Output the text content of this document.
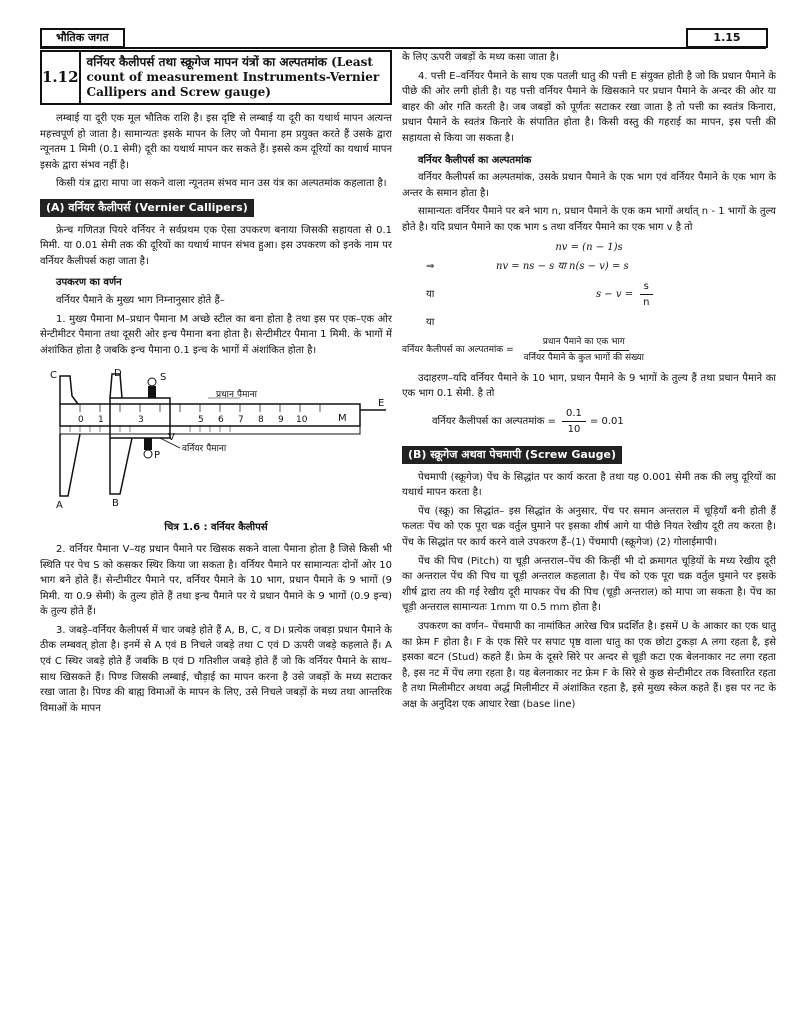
भौतिक जगत	1.15
1.12
वर्नियर कैलीपर्स तथा स्क्रूगेज मापन यंत्रों का अल्पतमांक (Least count of measurement Instruments-Vernier Callipers and Screw gauge)

लम्बाई या दूरी एक मूल भौतिक राशि है। इस दृष्टि से लम्बाई या दूरी का यथार्थ मापन अत्यन्त महत्त्वपूर्ण हो जाता है। सामान्यतः इसके मापन के लिए जो पैमाना हम प्रयुक्त करते हैं उसके द्वारा न्यूनतम 1 मिमी (0.1 सेमी) दूरी का यथार्थ मापन कर सकते हैं। इससे कम दूरियों का यथार्थ मापन इसके द्वारा संभव नहीं है।

किसी यंत्र द्वारा मापा जा सकने वाला न्यूनतम संभव मान उस यंत्र का अल्पतमांक कहलाता है।

(A) वर्नियर कैलीपर्स (Vernier Callipers)

फ्रेन्च गणितज्ञ पियरे वर्नियर ने सर्वप्रथम एक ऐसा उपकरण बनाया जिसकी सहायता से 0.1 मिमी. या 0.01 सेमी तक की दूरियों का यथार्थ मापन संभव हुआ। इस उपकरण को इनके नाम पर वर्नियर कैलीपर्स कहा जाता है।

उपकरण का वर्णन

वर्नियर पैमाने के मुख्य भाग निम्नानुसार होते हैं–

1. मुख्य पैमाना M–प्रधान पैमाना M अच्छे स्टील का बना होता है तथा इस पर एक–एक ओर सेन्टीमीटर पैमाना तथा दूसरी ओर इन्च पैमाना बना होता है। सेन्टीमीटर पैमाना 1 मिमी. के भागों में अंशांकित होता है जबकि इन्च पैमाना 0.1 इन्च के भागों में अंशांकित होता है।

C	D	S
E
M
V
P
A	B
प्रधान पैमाना
वर्नियर पैमाना
0 1	3	5 6 7 8 9 10
चित्र 1.6 : वर्नियर कैलीपर्स

2. वर्नियर पैमाना V–यह प्रधान पैमाने पर खिसक सकने वाला पैमाना होता है जिसे किसी भी स्थिति पर पेच S को कसकर स्थिर किया जा सकता है। वर्नियर पैमाने पर सामान्यतः दोनों ओर 10 भाग बने होते हैं। सेन्टीमीटर पैमाने पर, वर्नियर पैमाने के 10 भाग, प्रधान पैमाने के 9 भागों (9 मिमी. या 0.9 सेमी) के तुल्य होते हैं तथा इन्च पैमाने पर ये प्रधान पैमाने के 9 भागों (0.9 इन्च) के तुल्य होते हैं।

3. जबड़े–वर्नियर कैलीपर्स में चार जबड़े होते हैं A, B, C, व D। प्रत्येक जबड़ा प्रधान पैमाने के ठीक लम्बवत् होता है। इनमें से A एवं B निचले जबड़े तथा C एवं D ऊपरी जबड़े कहलाते हैं। A एवं C स्थिर जबड़े होते हैं जबकि B एवं D गतिशील जबड़े होते हैं जो कि वर्नियर पैमाने के साथ–साथ खिसकते हैं। पिण्ड जिसकी लम्बाई, चौड़ाई का मापन करना है उसे जबड़ों के मध्य सटाकर रखा जाता है। पिण्ड की बाह्य विमाओं के मापन के लिए, उसे निचले जबड़ों के मध्य तथा आन्तरिक विमाओं के मापन

के लिए ऊपरी जबड़ों के मध्य कसा जाता है।

4. पत्ती E–वर्नियर पैमाने के साथ एक पतली धातु की पत्ती E संयुक्त होती है जो कि प्रधान पैमाने के पीछे की ओर लगी होती है। यह पत्ती वर्नियर पैमाने के खिसकाने पर प्रधान पैमाने के अन्दर की ओर या बाहर की ओर गति करती है। जब जबड़ों को पूर्णतः सटाकर रखा जाता है तो पत्ती का स्वतंत्र किनारा, प्रधान पैमाने के स्वतंत्र किनारे के संपातित होता है। किसी वस्तु की गहराई का मापन, इस पत्ती की सहायता से किया जा सकता है।

वर्नियर कैलीपर्स का अल्पतमांक

वर्नियर कैलीपर्स का अल्पतमांक, उसके प्रधान पैमाने के एक भाग एवं वर्नियर पैमाने के एक भाग के अन्तर के समान होता है।

सामान्यतः वर्नियर पैमाने पर बने भाग n, प्रधान पैमाने के एक कम भागों अर्थात् n - 1 भागों के तुल्य होते है। यदि प्रधान पैमाने का एक भाग s तथा वर्नियर पैमाने का एक भाग v है तो

nv = (n − 1)s
⇒	nv = ns − s या n(s − v) = s
या	$s - v = \frac{s}{n}$
या
वर्नियर कैलीपर्स का अल्पतमांक = $\frac{\text{प्रधान पैमाने का एक भाग}}{\text{वर्नियर पैमाने के कुल भागों की संख्या}}$

उदाहरण–यदि वर्नियर पैमाने के 10 भाग, प्रधान पैमाने के 9 भागों के तुल्य हैं तथा प्रधान पैमाने का एक भाग 0.1 सेमी. है तो

वर्नियर कैलीपर्स का अल्पतमांक = $\frac{0.1}{10} = 0.01$
(B) स्क्रूगेज अथवा पेचमापी (Screw Gauge)

पेचमापी (स्क्रूगेज) पेंच के सिद्धांत पर कार्य करता है तथा यह 0.001 सेमी तक की लघु दूरियों का यथार्थ मापन करता है।

पेंच (स्क्रू) का सिद्धांत– इस सिद्धांत के अनुसार, पेंच पर समान अन्तराल में चूड़ियाँ बनी होती हैं फलतः पेंच को एक पूरा चक्र वर्तुल घुमाने पर इसका शीर्ष आगे या पीछे नियत रेखीय दूरी तय करता है। पेंच के सिद्धांत पर कार्य करने वाले उपकरण हैं–(1) पेंचमापी (स्क्रूगेज) (2) गोलाईमापी।

पेंच की पिच (Pitch) या चूड़ी अन्तराल–पेंच की किन्हीं भी दो क्रमागत चूड़ियों के मध्य रेखीय दूरी का अन्तराल पेंच की पिच या चूड़ी अन्तराल कहलाता है। पेंच को एक पूरा चक्र वर्तुल घुमाने पर इसके शीर्ष द्वारा तय की गई रेखीय दूरी मापकर पेंच की पिच (चूड़ी अन्तराल) को मापा जा सकता है। पेंच का चूड़ी अन्तराल सामान्यतः 1mm या 0.5 mm होता है।

उपकरण का वर्णन– पेंचमापी का नामांकित आरेख चित्र प्रदर्शित है। इसमें U के आकार का एक धातु का फ्रेम F होता है। F के एक सिरे पर सपाट पृष्ठ वाला धातु का एक छोटा टुकड़ा A लगा रहता है, इसे इसका बटन (Stud) कहते हैं। फ्रेम के दूसरे सिरे पर अन्दर से चूड़ी कटा एक बेलनाकार नट लगा रहता है, इस नट में पेंच लगा रहता है। यह बेलनाकार नट फ्रेम F के सिरे से कुछ सेन्टीमीटर तक विस्तारित रहता है तथा मिलीमीटर अथवा अर्द्ध मिलीमीटर में अंशांकित रहता है, इसे मुख्य स्केल कहते हैं। इस पर नट के अक्ष के अनुदिश एक आधार रेखा (base line)
